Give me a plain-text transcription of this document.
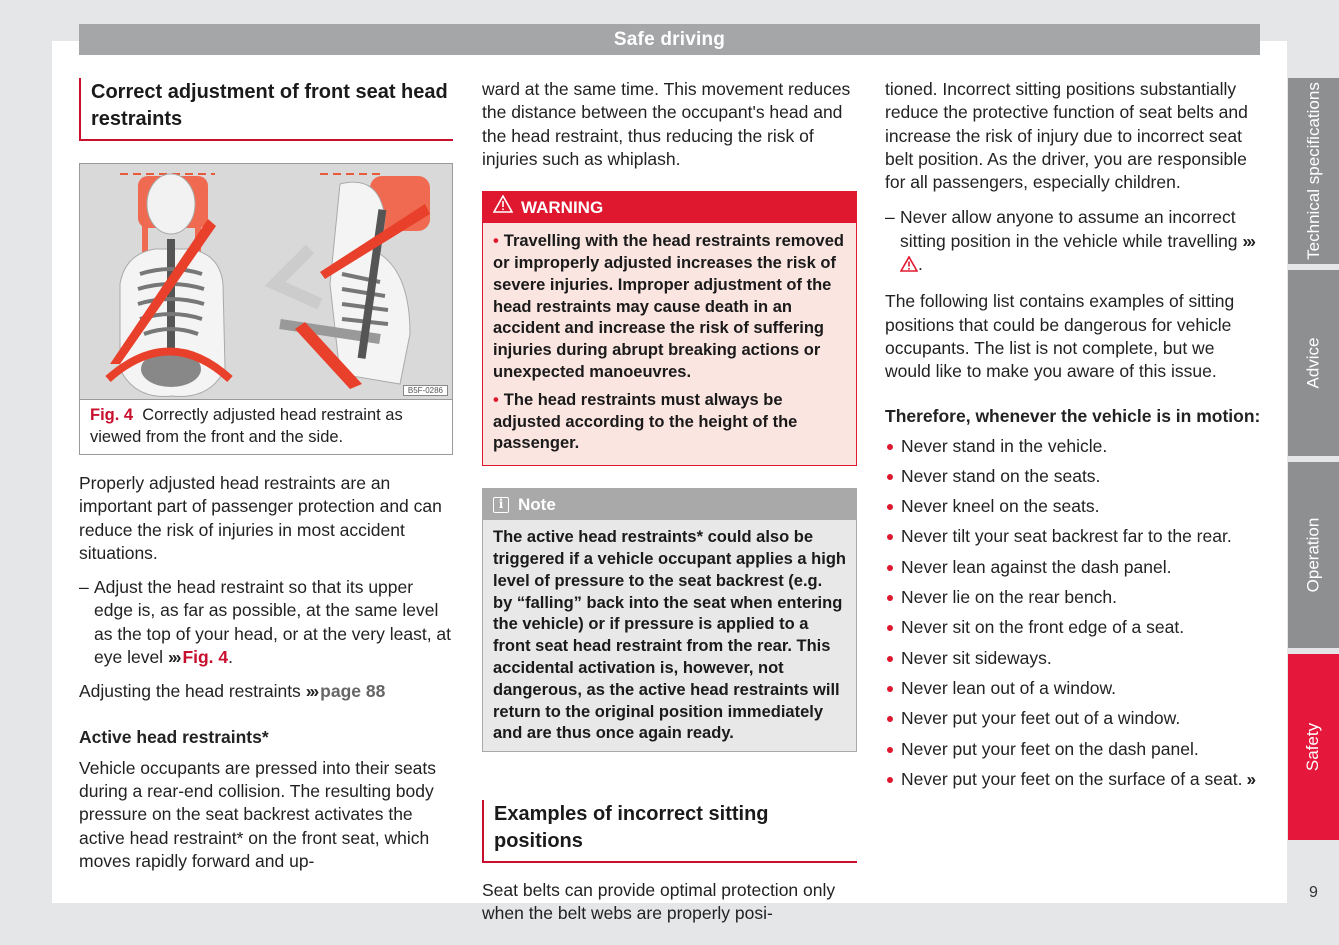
Safe driving
Correct adjustment of front seat head restraints
B5F-0286
Fig. 4 Correctly adjusted head restraint as viewed from the front and the side.

Properly adjusted head restraints are an important part of passenger protection and can reduce the risk of injuries in most accident situations.

– Adjust the head restraint so that its upper edge is, as far as possible, at the same level as the top of your head, or at the very least, at eye level ››› Fig. 4.

Adjusting the head restraints ››› page 88

Active head restraints*

Vehicle occupants are pressed into their seats during a rear-end collision. The resulting body pressure on the seat backrest activates the active head restraint* on the front seat, which moves rapidly forward and up-

ward at the same time. This movement reduces the distance between the occupant's head and the head restraint, thus reducing the risk of injuries such as whiplash.

WARNING
• Travelling with the head restraints removed or improperly adjusted increases the risk of severe injuries. Improper adjustment of the head restraints may cause death in an accident and increase the risk of suffering injuries during abrupt breaking actions or unexpected manoeuvres.
• The head restraints must always be adjusted according to the height of the passenger.
i Note
The active head restraints* could also be triggered if a vehicle occupant applies a high level of pressure to the seat backrest (e.g. by “falling” back into the seat when entering the vehicle) or if pressure is applied to a front seat head restraint from the rear. This accidental activation is, however, not dangerous, as the active head restraints will return to the original position immediately and are thus once again ready.
Examples of incorrect sitting positions

Seat belts can provide optimal protection only when the belt webs are properly posi-

tioned. Incorrect sitting positions substantially reduce the protective function of seat belts and increase the risk of injury due to incorrect seat belt position. As the driver, you are responsible for all passengers, especially children.

– Never allow anyone to assume an incorrect sitting position in the vehicle while travelling ›››.

The following list contains examples of sitting positions that could be dangerous for vehicle occupants. The list is not complete, but we would like to make you aware of this issue.

Therefore, whenever the vehicle is in motion:
Never stand in the vehicle.
Never stand on the seats.
Never kneel on the seats.
Never tilt your seat backrest far to the rear.
Never lean against the dash panel.
Never lie on the rear bench.
Never sit on the front edge of a seat.
Never sit sideways.
Never lean out of a window.
Never put your feet out of a window.
Never put your feet on the dash panel.
Never put your feet on the surface of a seat. ››
Technical specifications
Advice
Operation
Safety
9
